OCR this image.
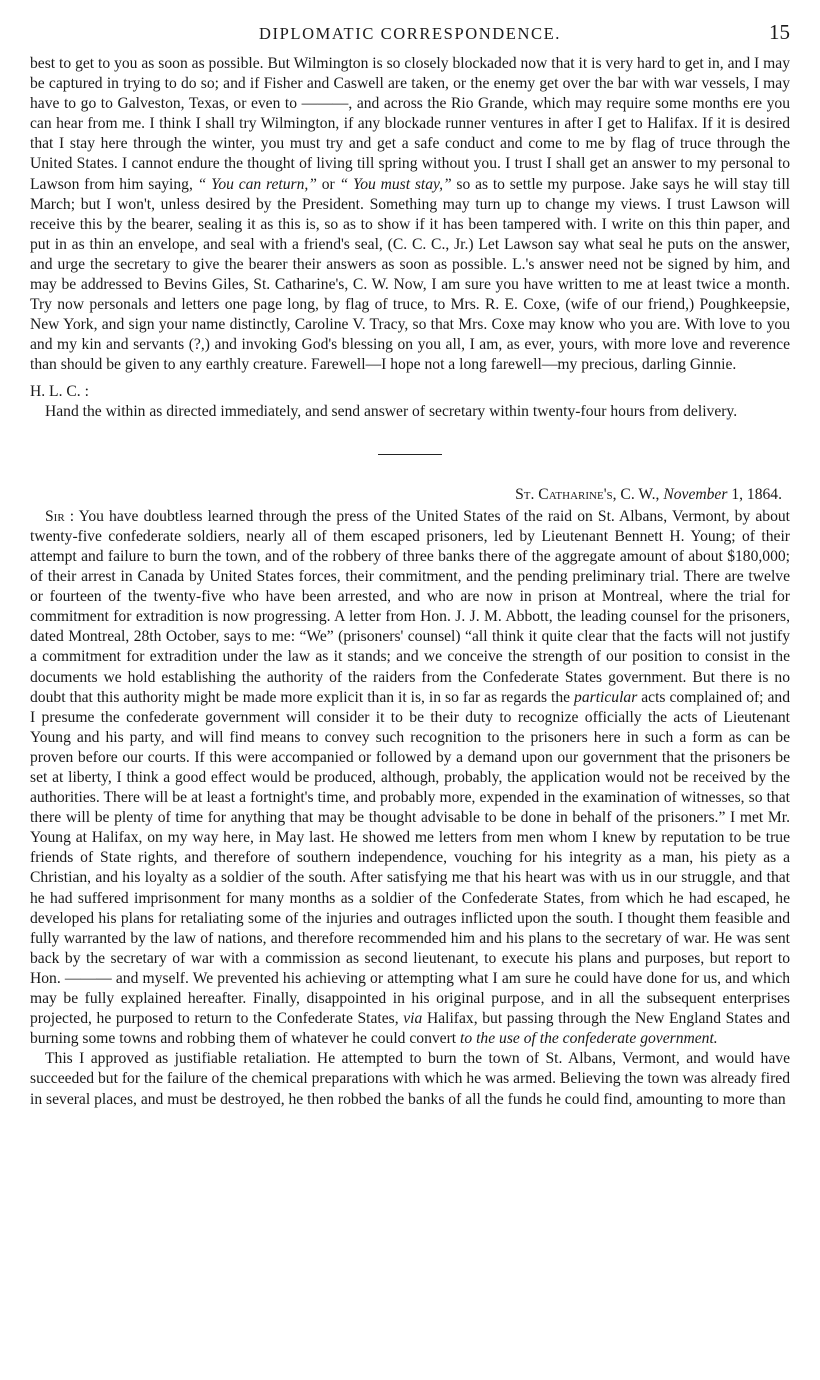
DIPLOMATIC CORRESPONDENCE.	15

best to get to you as soon as possible. But Wilmington is so closely blockaded now that it is very hard to get in, and I may be captured in trying to do so; and if Fisher and Caswell are taken, or the enemy get over the bar with war vessels, I may have to go to Galveston, Texas, or even to ———, and across the Rio Grande, which may require some months ere you can hear from me. I think I shall try Wilmington, if any blockade runner ventures in after I get to Halifax. If it is desired that I stay here through the winter, you must try and get a safe conduct and come to me by flag of truce through the United States. I cannot endure the thought of living till spring without you. I trust I shall get an answer to my personal to Lawson from him saying, “ You can return,” or “ You must stay,” so as to settle my purpose. Jake says he will stay till March; but I won't, unless desired by the President. Something may turn up to change my views. I trust Lawson will receive this by the bearer, sealing it as this is, so as to show if it has been tampered with. I write on this thin paper, and put in as thin an envelope, and seal with a friend's seal, (C. C. C., Jr.) Let Lawson say what seal he puts on the answer, and urge the secretary to give the bearer their answers as soon as possible. L.'s answer need not be signed by him, and may be addressed to Bevins Giles, St. Catharine's, C. W. Now, I am sure you have written to me at least twice a month. Try now personals and letters one page long, by flag of truce, to Mrs. R. E. Coxe, (wife of our friend,) Poughkeepsie, New York, and sign your name distinctly, Caroline V. Tracy, so that Mrs. Coxe may know who you are. With love to you and my kin and servants (?,) and invoking God's blessing on you all, I am, as ever, yours, with more love and reverence than should be given to any earthly creature. Farewell—I hope not a long farewell—my precious, darling Ginnie.

H. L. C. :

Hand the within as directed immediately, and send answer of secretary within twenty-four hours from delivery.

St. Catharine's, C. W., November 1, 1864.

Sir : You have doubtless learned through the press of the United States of the raid on St. Albans, Vermont, by about twenty-five confederate soldiers, nearly all of them escaped prisoners, led by Lieutenant Bennett H. Young; of their attempt and failure to burn the town, and of the robbery of three banks there of the aggregate amount of about $180,000; of their arrest in Canada by United States forces, their commitment, and the pending preliminary trial. There are twelve or fourteen of the twenty-five who have been arrested, and who are now in prison at Montreal, where the trial for commitment for extradition is now progressing. A letter from Hon. J. J. M. Abbott, the leading counsel for the prisoners, dated Montreal, 28th October, says to me: “We” (prisoners' counsel) “all think it quite clear that the facts will not justify a commitment for extradition under the law as it stands; and we conceive the strength of our position to consist in the documents we hold establishing the authority of the raiders from the Confederate States government. But there is no doubt that this authority might be made more explicit than it is, in so far as regards the particular acts complained of; and I presume the confederate government will consider it to be their duty to recognize officially the acts of Lieutenant Young and his party, and will find means to convey such recognition to the prisoners here in such a form as can be proven before our courts. If this were accompanied or followed by a demand upon our government that the prisoners be set at liberty, I think a good effect would be produced, although, probably, the application would not be received by the authorities. There will be at least a fortnight's time, and probably more, expended in the examination of witnesses, so that there will be plenty of time for anything that may be thought advisable to be done in behalf of the prisoners.” I met Mr. Young at Halifax, on my way here, in May last. He showed me letters from men whom I knew by reputation to be true friends of State rights, and therefore of southern independence, vouching for his integrity as a man, his piety as a Christian, and his loyalty as a soldier of the south. After satisfying me that his heart was with us in our struggle, and that he had suffered imprisonment for many months as a soldier of the Confederate States, from which he had escaped, he developed his plans for retaliating some of the injuries and outrages inflicted upon the south. I thought them feasible and fully warranted by the law of nations, and therefore recommended him and his plans to the secretary of war. He was sent back by the secretary of war with a commission as second lieutenant, to execute his plans and purposes, but report to Hon. ——— and myself. We prevented his achieving or attempting what I am sure he could have done for us, and which may be fully explained hereafter. Finally, disappointed in his original purpose, and in all the subsequent enterprises projected, he purposed to return to the Confederate States, via Halifax, but passing through the New England States and burning some towns and robbing them of whatever he could convert to the use of the confederate government.

This I approved as justifiable retaliation. He attempted to burn the town of St. Albans, Vermont, and would have succeeded but for the failure of the chemical preparations with which he was armed. Believing the town was already fired in several places, and must be destroyed, he then robbed the banks of all the funds he could find, amounting to more than
